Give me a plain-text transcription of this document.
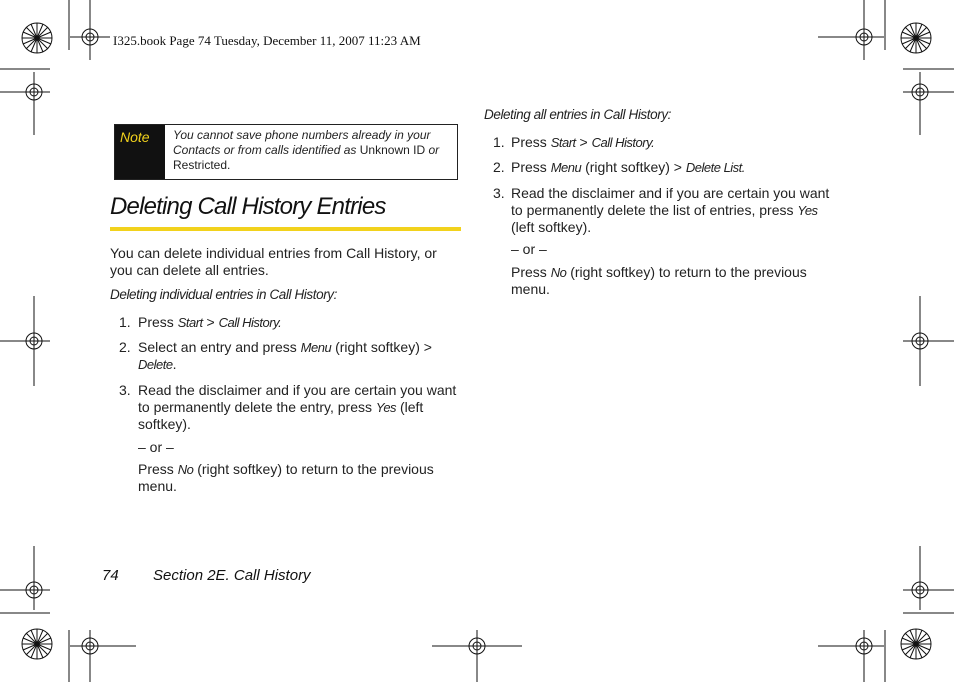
I325.book Page 74 Tuesday, December 11, 2007 11:23 AM
Note	You cannot save phone numbers already in your
Contacts or from calls identified as Unknown ID or
Restricted.
Deleting Call History Entries
You can delete individual entries from Call History, or you can delete all entries.
Deleting individual entries in Call History:
1. Press Start > Call History.
2. Select an entry and press Menu (right softkey) > Delete.
3. Read the disclaimer and if you are certain you want to permanently delete the entry, press Yes (left softkey).
– or –
Press No (right softkey) to return to the previous menu.
Deleting all entries in Call History:
1. Press Start > Call History.
2. Press Menu (right softkey) > Delete List.
3. Read the disclaimer and if you are certain you want to permanently delete the list of entries, press Yes (left softkey).
– or –
Press No (right softkey) to return to the previous menu.
74 Section 2E. Call History
